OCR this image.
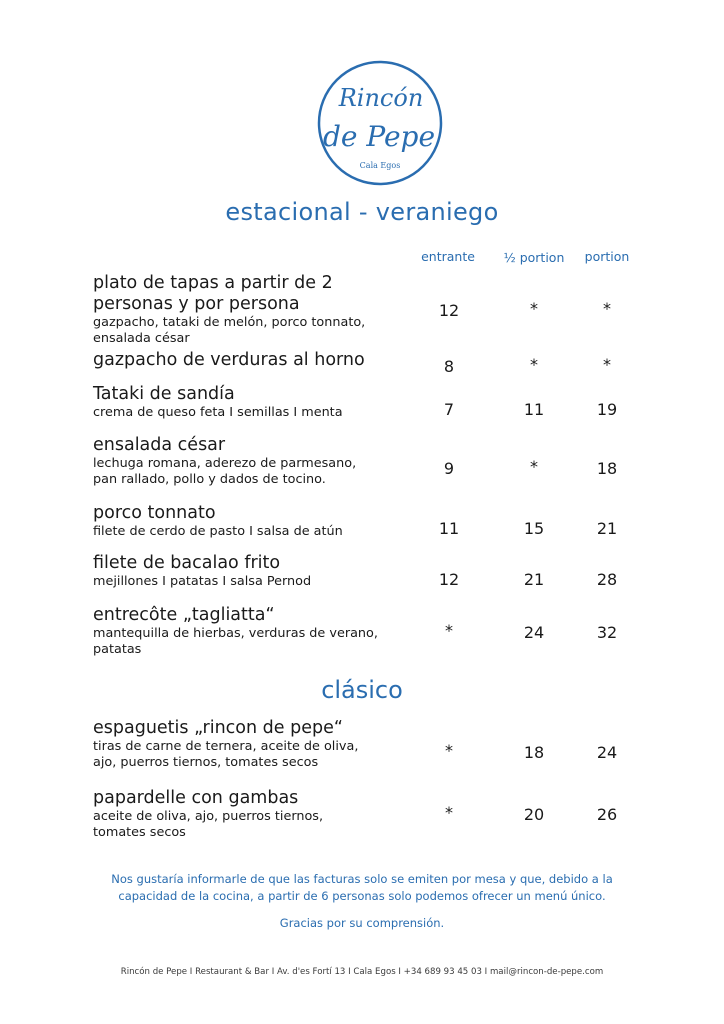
Rincón
de Pepe
Cala Egos
estacional - veraniego
entrante	½ portion	portion
plato de tapas a partir de 2
personas y por persona
gazpacho, tataki de melón, porco tonnato,
ensalada césar
12	*	*
gazpacho de verduras al horno	8	*	*
Tataki de sandía
crema de queso feta I semillas I menta	7	11	19
ensalada césar
lechuga romana, aderezo de parmesano,
pan rallado, pollo y dados de tocino.
9	*	18
porco tonnato
filete de cerdo de pasto I salsa de atún	11	15	21
filete de bacalao frito
mejillones I patatas I salsa Pernod	12	21	28
entrecôte „tagliatta“
mantequilla de hierbas, verduras de verano,
patatas
*	24	32
clásico
espaguetis „rincon de pepe“
tiras de carne de ternera, aceite de oliva,
ajo, puerros tiernos, tomates secos
*	18	24
papardelle con gambas
aceite de oliva, ajo, puerros tiernos,
tomates secos
*	20	26
Nos gustaría informarle de que las facturas solo se emiten por mesa y que, debido a la
capacidad de la cocina, a partir de 6 personas solo podemos ofrecer un menú único.
Gracias por su comprensión.
Rincón de Pepe I Restaurant & Bar I Av. d'es Fortí 13 I Cala Egos I +34 689 93 45 03 I mail@rincon-de-pepe.com
